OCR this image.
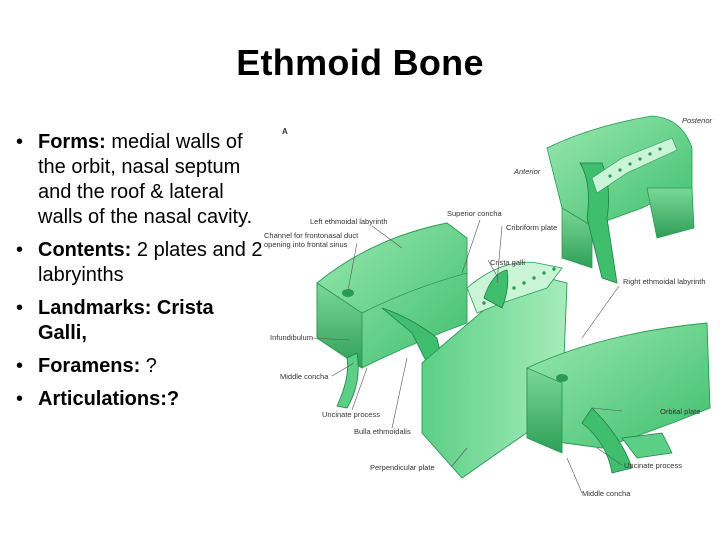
Ethmoid Bone
• Forms: medial walls of the orbit, nasal septum and the roof & lateral walls of the nasal cavity.
• Contents: 2 plates and 2 labryinths
• Landmarks: Crista Galli,
• Foramens: ?
• Articulations:?
A
Posterior
Anterior
Left ethmoidal labyrinth
Channel for frontonasal duct
opening into frontal sinus
Superior concha
Cribriform plate
Crista galli
Right ethmoidal labyrinth
Infundibulum
Middle concha
Uncinate process
Bulla ethmoidalis
Orbital plate
Uncinate process
Perpendicular plate
Middle concha
